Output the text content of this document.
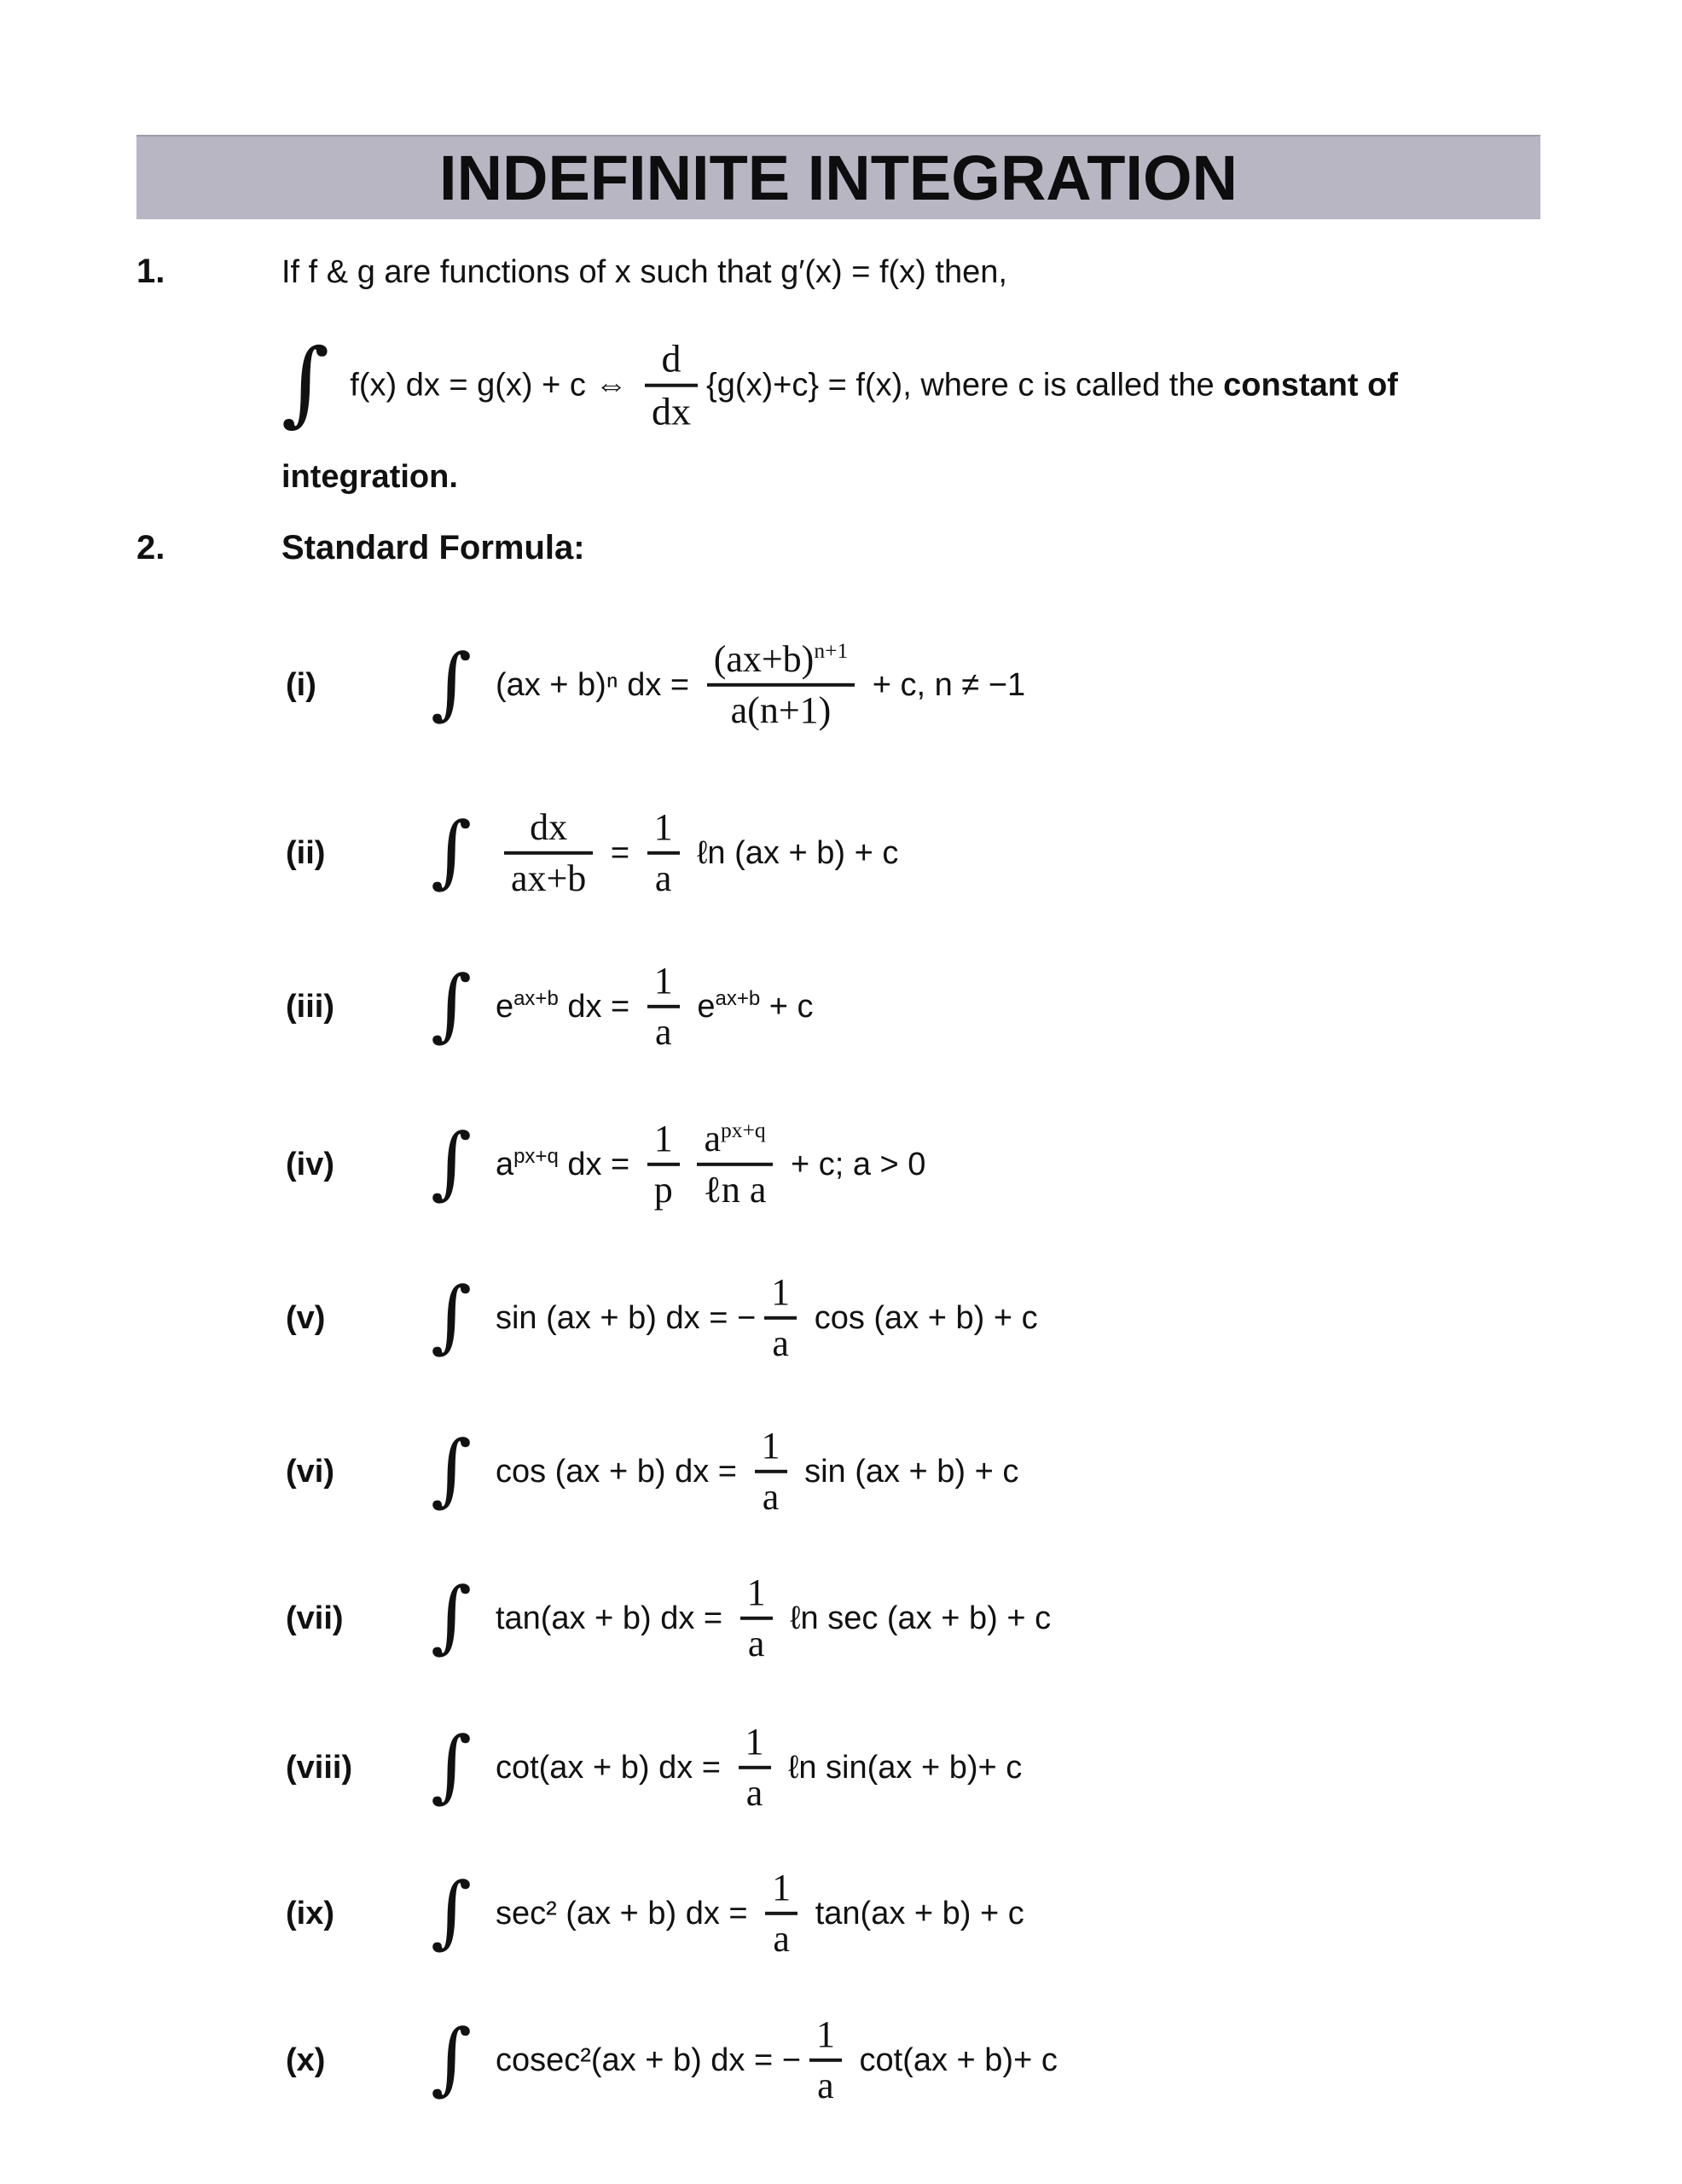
INDEFINITE INTEGRATION
1.	If f & g are functions of x such that g′(x) = f(x) then,
∫ f(x) dx = g(x) + c ⇔ $\frac{d}{dx} \{g(x)+c\} = f(x)$, where c is called the constant of
integration.
2.	Standard Formula:
(i)	∫ (ax + b)ⁿ dx = $\frac{(ax+b)^{n+1}}{a(n+1)} + c$, n ≠ −1
(ii)	∫ $\frac{dx}{ax+b} = \frac{1}{a}$ ℓn (ax + b) + c
(iii)	∫ $e^{ax+b}$ dx = $\frac{1}{a} e^{ax+b} + c$
(iv)	∫ $a^{px+q}$ dx = $\frac{1}{p} \frac{a^{px+q}}{\text{ℓn a}} + c$; a > 0
(v)	∫ sin (ax + b) dx = − $\frac{1}{a}$ cos (ax + b) + c
(vi)	∫ cos (ax + b) dx = $\frac{1}{a}$ sin (ax + b) + c
(vii)	∫ tan(ax + b) dx = $\frac{1}{a}$ ℓn sec (ax + b) + c
(viii) ∫ cot(ax + b) dx = $\frac{1}{a}$ ℓn sin(ax + b)+ c
(ix)	∫ sec² (ax + b) dx = $\frac{1}{a} \tan(ax + b) + c$
(x)	∫ cosec²(ax + b) dx = − $\frac{1}{a} \cot(ax + b)+ c$
